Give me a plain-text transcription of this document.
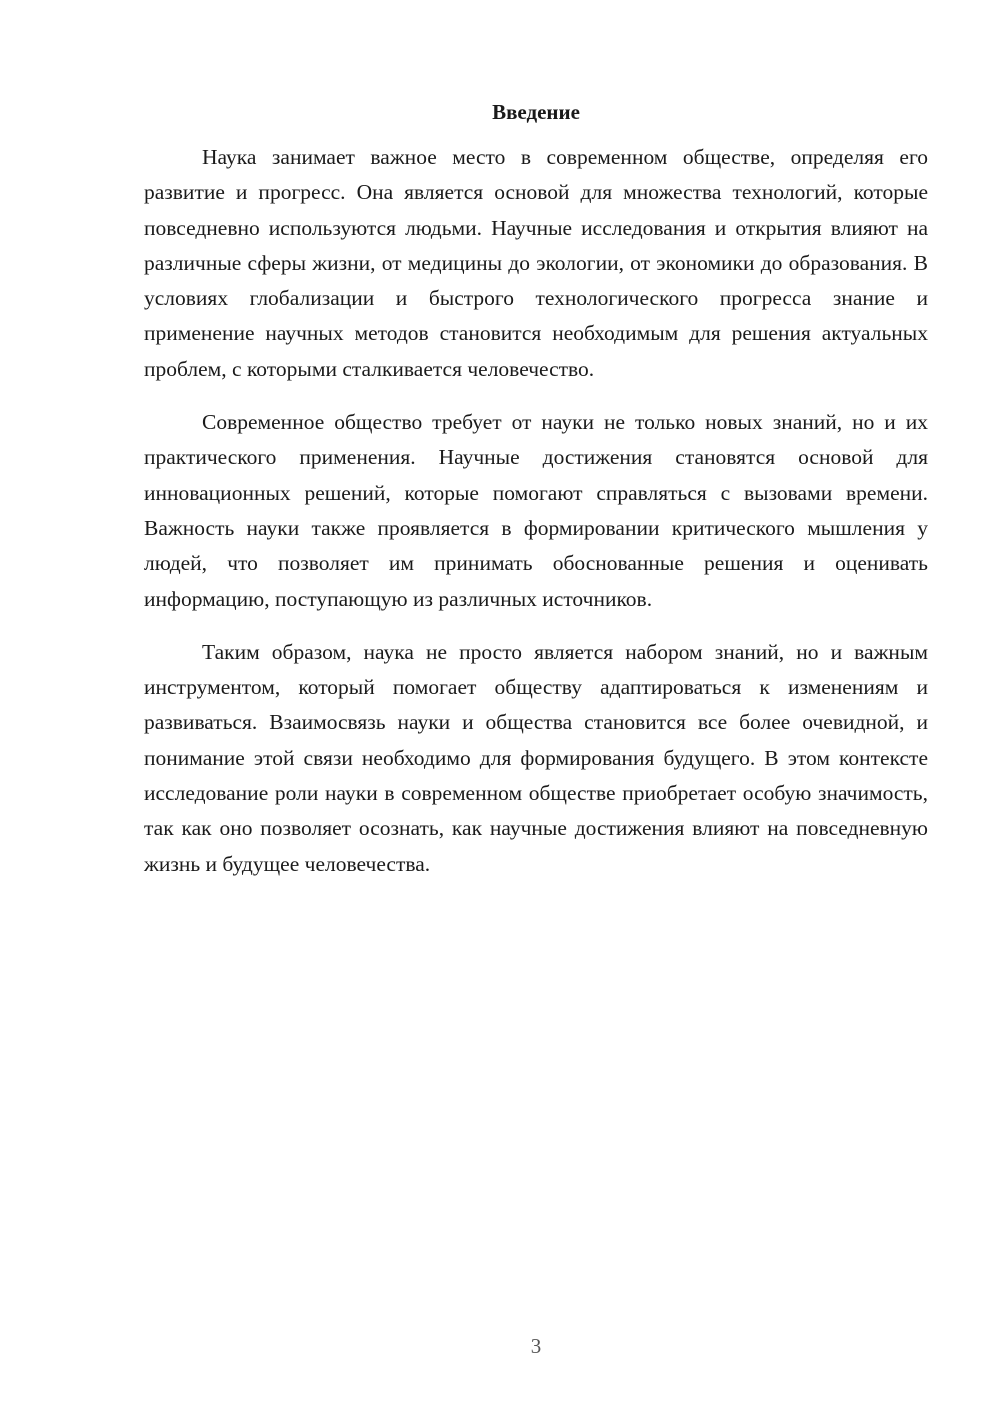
Введение

Наука занимает важное место в современном обществе, определяя его развитие и прогресс. Она является основой для множества технологий, которые повседневно используются людьми. Научные исследования и открытия влияют на различные сферы жизни, от медицины до экологии, от экономики до образования. В условиях глобализации и быстрого технологического прогресса знание и применение научных методов становится необходимым для решения актуальных проблем, с которыми сталкивается человечество.

Современное общество требует от науки не только новых знаний, но и их практического применения. Научные достижения становятся основой для инновационных решений, которые помогают справляться с вызовами времени. Важность науки также проявляется в формировании критического мышления у людей, что позволяет им принимать обоснованные решения и оценивать информацию, поступающую из различных источников.

Таким образом, наука не просто является набором знаний, но и важным инструментом, который помогает обществу адаптироваться к изменениям и развиваться. Взаимосвязь науки и общества становится все более очевидной, и понимание этой связи необходимо для формирования будущего. В этом контексте исследование роли науки в современном обществе приобретает особую значимость, так как оно позволяет осознать, как научные достижения влияют на повседневную жизнь и будущее человечества.

3
